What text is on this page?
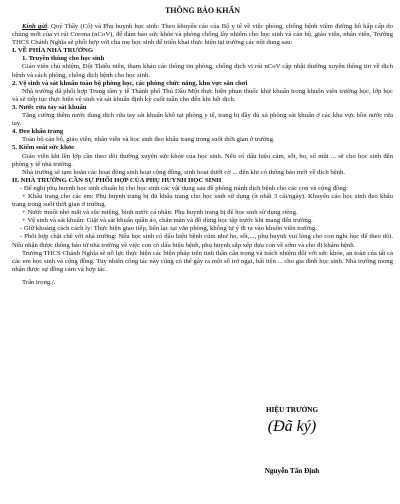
THÔNG BÁO KHẨN

Kính gửi: Quý Thầy (Cô) và Phụ huynh học sinh: Theo khuyến cáo của Bộ y tế về việc phòng, chống bệnh viêm đường hô hấp cấp do chủng mới của vi rút Corona (nCoV), để đảm bảo sức khỏe và phòng chống lây nhiễm cho học sinh và cán bộ, giáo viên, nhân viên, Trường THCS Chánh Nghĩa sẽ phối hợp với cha mẹ học sinh để triển khai thực hiện tại trường các nội dung sau:

I. VỀ PHÍA NHÀ TRƯỜNG

1. Truyền thông cho học sinh

Giáo viên chủ nhiệm, Đội Thiếu niên, tham khảo các thông tin phòng, chống dịch vi rút nCoV cập nhật thường xuyên thông tin về dịch bệnh và cách phòng, chống dịch bệnh cho học sinh.

2. Vệ sinh và sát khuẩn toàn bộ phòng học, các phòng chức năng, khu vực sân chơi

Nhà trường đã phối hợp Trung tâm y tế Thành phố Thủ Dầu Một thực hiện phun thuốc khử khuẩn trong khuôn viên trường học, lớp học và sẽ tiếp tục thực hiện vệ sinh và sát khuẩn định kỳ cuối tuần cho đến khi hết dịch.

3. Nước rửa tay sát khuẩn

Tăng cường thêm nước dung dịch rửa tay sát khuẩn khô tại phòng y tế, trang bị đầy đủ xà phòng sát khuẩn ở các khu vực bồn nước rửa tay.

4. Đeo khẩu trang

Toàn bộ cán bộ, giáo viên, nhân viên và học sinh đeo khẩu trang trong suốt thời gian ở trường.

5. Kiểm soát sức khỏe

Giáo viên khi lên lớp cần theo dõi thường xuyên sức khỏe của học sinh. Nếu có dấu hiệu cảm, sốt, ho, sổ mũi ... sẽ cho học sinh đến phòng y tế nhà trường.

Nhà trường sẽ tạm hoãn các hoạt động sinh hoạt cộng đồng, sinh hoạt dưới cờ ... đến khi có thông báo mới về dịch bệnh.

II. NHÀ TRƯỜNG CẦN SỰ PHỐI HỢP CỦA PHỤ HUYNH HỌC SINH

- Để nghị phụ huynh học sinh chuẩn bị cho học sinh các vật dụng sau để phòng tránh dịch bệnh cho các con và cộng đồng:

+ Khẩu trang cho các em: Phụ huynh trang bị đủ khẩu trang cho học sinh sử dụng (ít nhất 3 cái/ngày). Khuyến cáo học sinh đeo khẩu trang trong suốt thời gian ở trường.

+ Nước muối nhỏ mắt và súc miệng, bình nước cá nhân: Phụ huynh trang bị để học sinh sử dụng riêng.

+ Vệ sinh và sát khuẩn: Giặt và sát khuẩn quần áo, chăn màn và đồ dùng học tập trước khi mang đến trường.

- Giữ khoảng cách cách ly: Thực hiện giao tiếp, liên lạc tại văn phòng, không tự ý đi ra vào khuôn viên trường.

- Phối hợp chặt chẽ với nhà trường: Nếu học sinh có dấu hiệu bệnh cúm như ho, sốt,..., phụ huynh vui lòng cho con nghỉ học để theo dõi. Nếu nhận được thông báo từ nhà trường về việc con có dấu hiệu bệnh, phụ huynh sắp xếp đưa con về sớm và cho đi khám bệnh.

Trường THCS Chánh Nghĩa sẽ nỗ lực thực hiện các biện pháp trên tinh thần cẩn trọng và trách nhiệm đối với sức khỏe, an toàn của tất cả các em học sinh và cộng đồng. Tuy nhiên công tác này cũng có thể gây ra một số trở ngại, bất tiện ... cho gia đình học sinh. Nhà trường mong nhận được sự đồng cảm và hợp tác.

Trân trọng./.

HIỆU TRƯỞNG
(Đã ký)
Nguyễn Tấn Định
